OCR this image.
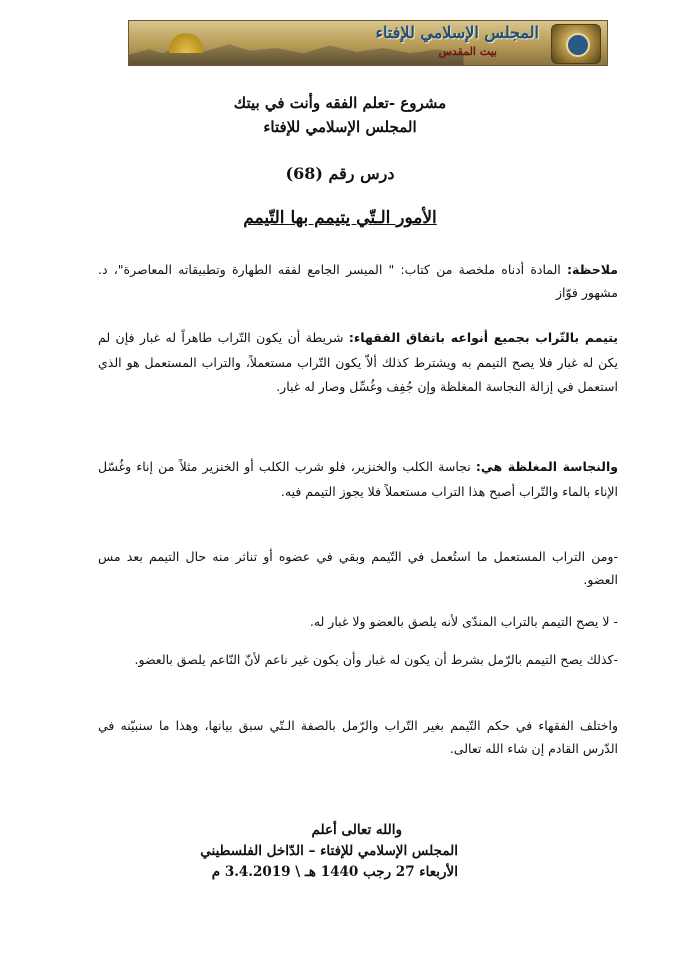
المجلس الإسلامي للإفتاء
بيت المقدس
مشروع -تعلم الفقه وأنت في بيتك
المجلس الإسلامي للإفتاء
درس رقم (68)
الأمور الـتّي يتيمم بها التّيمم
ملاحظة: المادة أدناه ملخصة من كتاب: " الميسر الجامع لفقه الطهارة وتطبيقاته المعاصرة"، د. مشهور فوّاز
يتيمم بالتّراب بجميع أنواعه باتفاق الفقهاء: شريطة أن يكون التّراب طاهراً له غبار فإن لم يكن له غبار فلا يصح التيمم به ويشترط كذلك ألاّ يكون التّراب مستعملاً، والتراب المستعمل هو الذي استعمل في إزالة النجاسة المغلظة وإن جُفِف وغُسِّل وصار له غبار.
والنجاسة المغلظة هي: نجاسة الكلب والخنزير، فلو شرب الكلب أو الخنزير مثلاً من إناء وغُسّل الإناء بالماء والتّراب أصبح هذا التراب مستعملاً فلا يجوز التيمم فيه.
-ومن التراب المستعمل ما استُعمل في التّيمم وبقي في عضوه أو تناثر منه حال التيمم بعد مس العضو.
- لا يصح التيمم بالتراب المندّى لأنه يلصق بالعضو ولا غبار له.
-كذلك يصح التيمم بالرّمل بشرط أن يكون له غبار وأن يكون غير ناعم لأنّ النّاعم يلصق بالعضو.
واختلف الفقهاء في حكم التّيمم بغير التّراب والرّمل بالصفة الـتّي سبق بيانها، وهذا ما سنبيّنه في الدّرس القادم إن شاء الله تعالى.
والله تعالى أعلم
المجلس الإسلامي للإفتاء – الدّاخل الفلسطيني
الأربعاء 27 رجب 1440 هـ \ 3.4.2019 م
